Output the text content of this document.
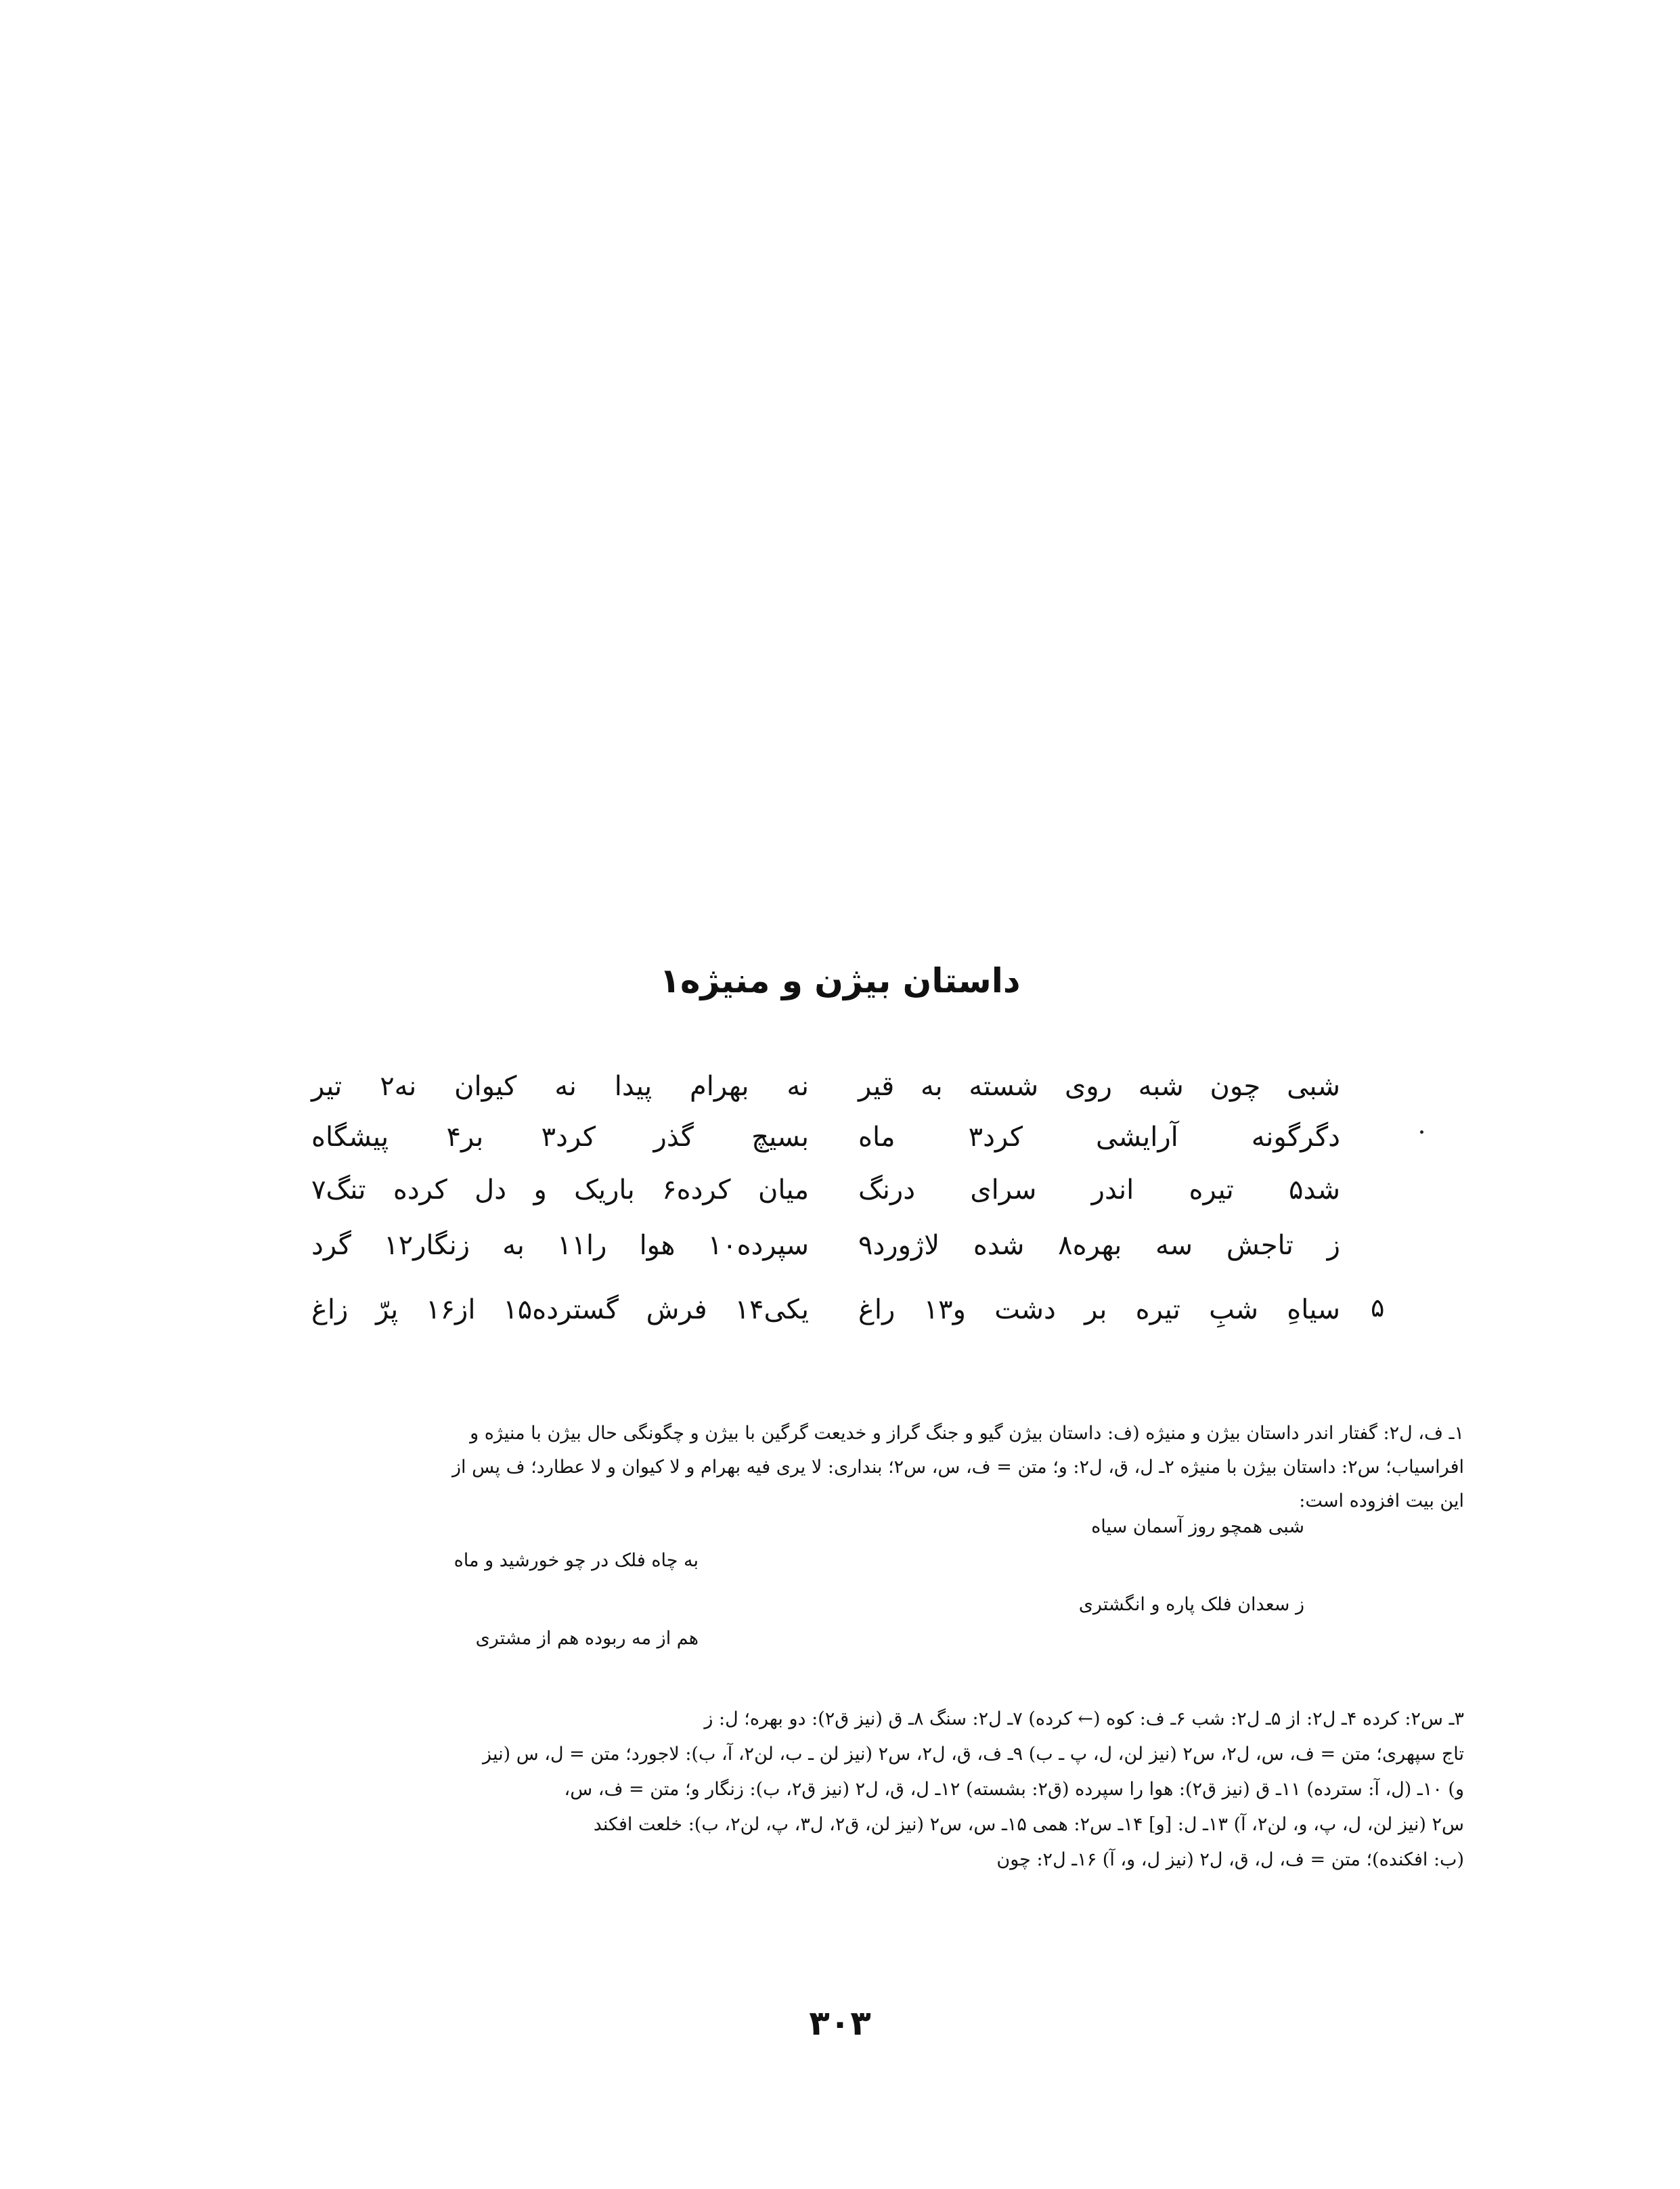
داستان بیژن و منیژه۱
شبی چون شبه روی شسته به قیر
نه بهرام پیدا نه کیوان نه۲ تیر
دگرگونه آرایشی کرد۳ ماه
بسیچ گذر کرد۳ بر۴ پیشگاه
شد۵ تیره اندر سرای درنگ
میان کرده۶ باریک و دل کرده تنگ۷
ز تاجش سه بهره۸ شده لاژورد۹
سپرده۱۰ هوا را۱۱ به زنگار۱۲ گرد
۵
سیاهِ شبِ تیره بر دشت و۱۳ راغ
یکی۱۴ فرش گسترده۱۵ از۱۶ پرّ زاغ
۱ـ ف، ل۲: گفتار اندر داستان بیژن و منیژه (ف: داستان بیژن گیو و جنگ گراز و خدیعت گرگین با بیژن و چگونگی حال بیژن با منیژه و
افراسیاب؛ س۲: داستان بیژن با منیژه ۲ـ ل، ق، ل۲: و؛ متن = ف، س، س۲؛ بنداری: لا یری فیه بهرام و لا کیوان و لا عطارد؛ ف پس از
این بیت افزوده است:
شبی همچو روز آسمان سیاه
به چاه فلک در چو خورشید و ماه
ز سعدان فلک پاره و انگشتری
هم از مه ربوده هم از مشتری
۳ـ س۲: کرده ۴ـ ل۲: از ۵ـ ل۲: شب ۶ـ ف: کوه (← کرده) ۷ـ ل۲: سنگ ۸ـ ق (نیز ق۲): دو بهره؛ ل: ز
تاج سپهری؛ متن = ف، س، ل۲، س۲ (نیز لن، ل، پ ـ ب) ۹ـ ف، ق، ل۲، س۲ (نیز لن ـ ب، لن۲، آ، ب): لاجورد؛ متن = ل، س (نیز
و) ۱۰ـ (ل، آ: سترده) ۱۱ـ ق (نیز ق۲): هوا را سپرده (ق۲: بشسته) ۱۲ـ ل، ق، ل۲ (نیز ق۲، ب): زنگار و؛ متن = ف، س،
س۲ (نیز لن، ل، پ، و، لن۲، آ) ۱۳ـ ل: [و] ۱۴ـ س۲: همی ۱۵ـ س، س۲ (نیز لن، ق۲، ل۳، پ، لن۲، ب): خلعت افکند
(ب: افکنده)؛ متن = ف، ل، ق، ل۲ (نیز ل، و، آ) ۱۶ـ ل۲: چون
۳۰۳
